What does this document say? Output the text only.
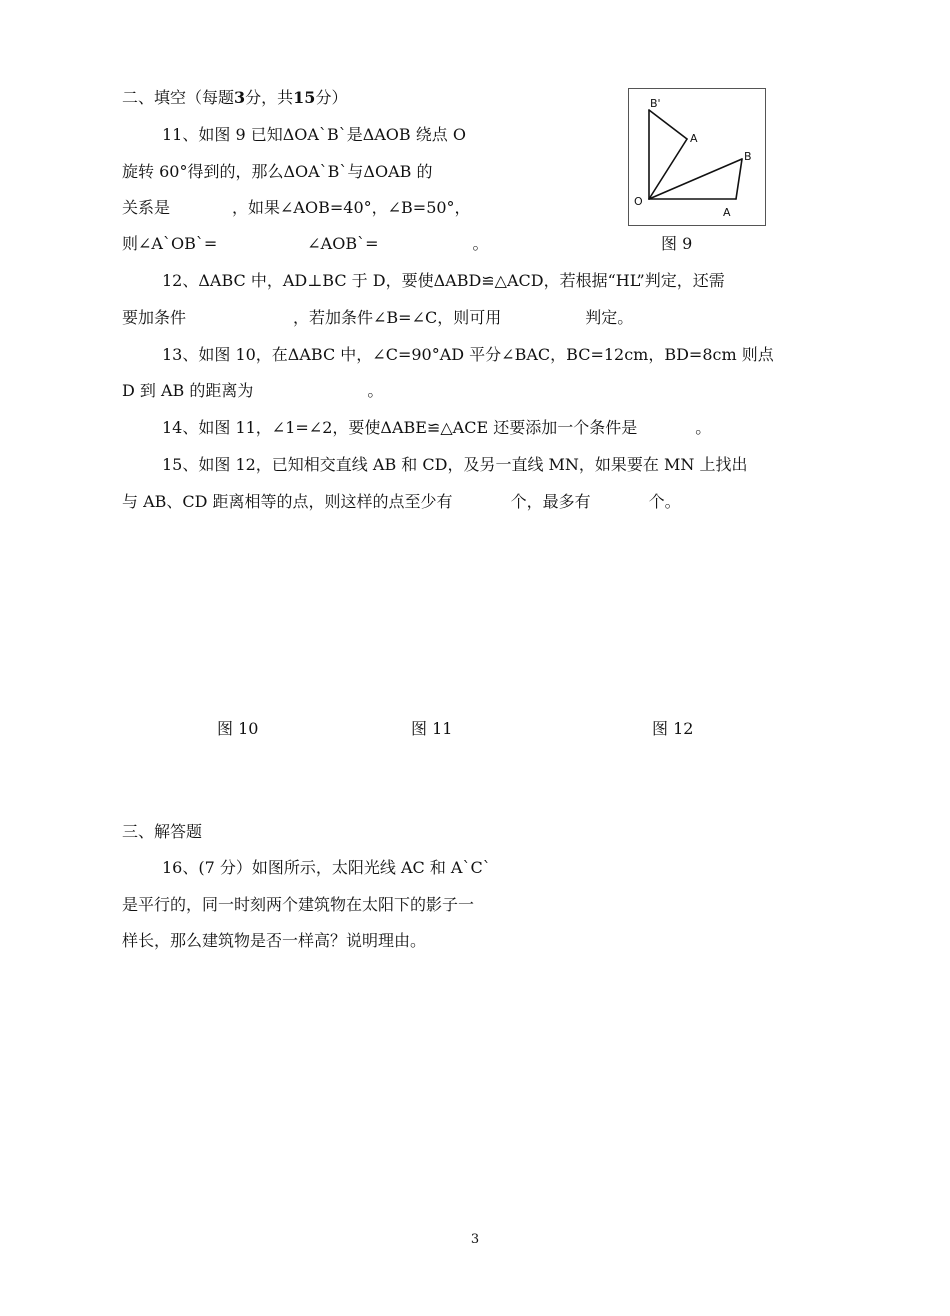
二、填空（每题3分，共15分）
11、如图 9 已知ΔOA`B`是ΔAOB 绕点 O
旋转 60°得到的，那么ΔOA`B`与ΔOAB 的
关系是	，如果∠AOB=40°，∠B=50°，
则∠A`OB`=	∠AOB`=	。
B'
A
B
O
A
图 9
12、ΔABC 中，AD⊥BC 于 D，要使ΔABD≌△ACD，若根据“HL”判定，还需
要加条件	，若加条件∠B=∠C，则可用	判定。
13、如图 10，在ΔABC 中，∠C=90°AD 平分∠BAC，BC=12cm，BD=8cm 则点
D 到 AB 的距离为	。
14、如图 11，∠1=∠2，要使ΔABE≌△ACE 还要添加一个条件是	。
15、如图 12，已知相交直线 AB 和 CD，及另一直线 MN，如果要在 MN 上找出
与 AB、CD 距离相等的点，则这样的点至少有	个，最多有	个。
图 10	图 11	图 12
三、解答题
16、(7 分）如图所示，太阳光线 AC 和 A`C`
是平行的，同一时刻两个建筑物在太阳下的影子一
样长，那么建筑物是否一样高？说明理由。
3
